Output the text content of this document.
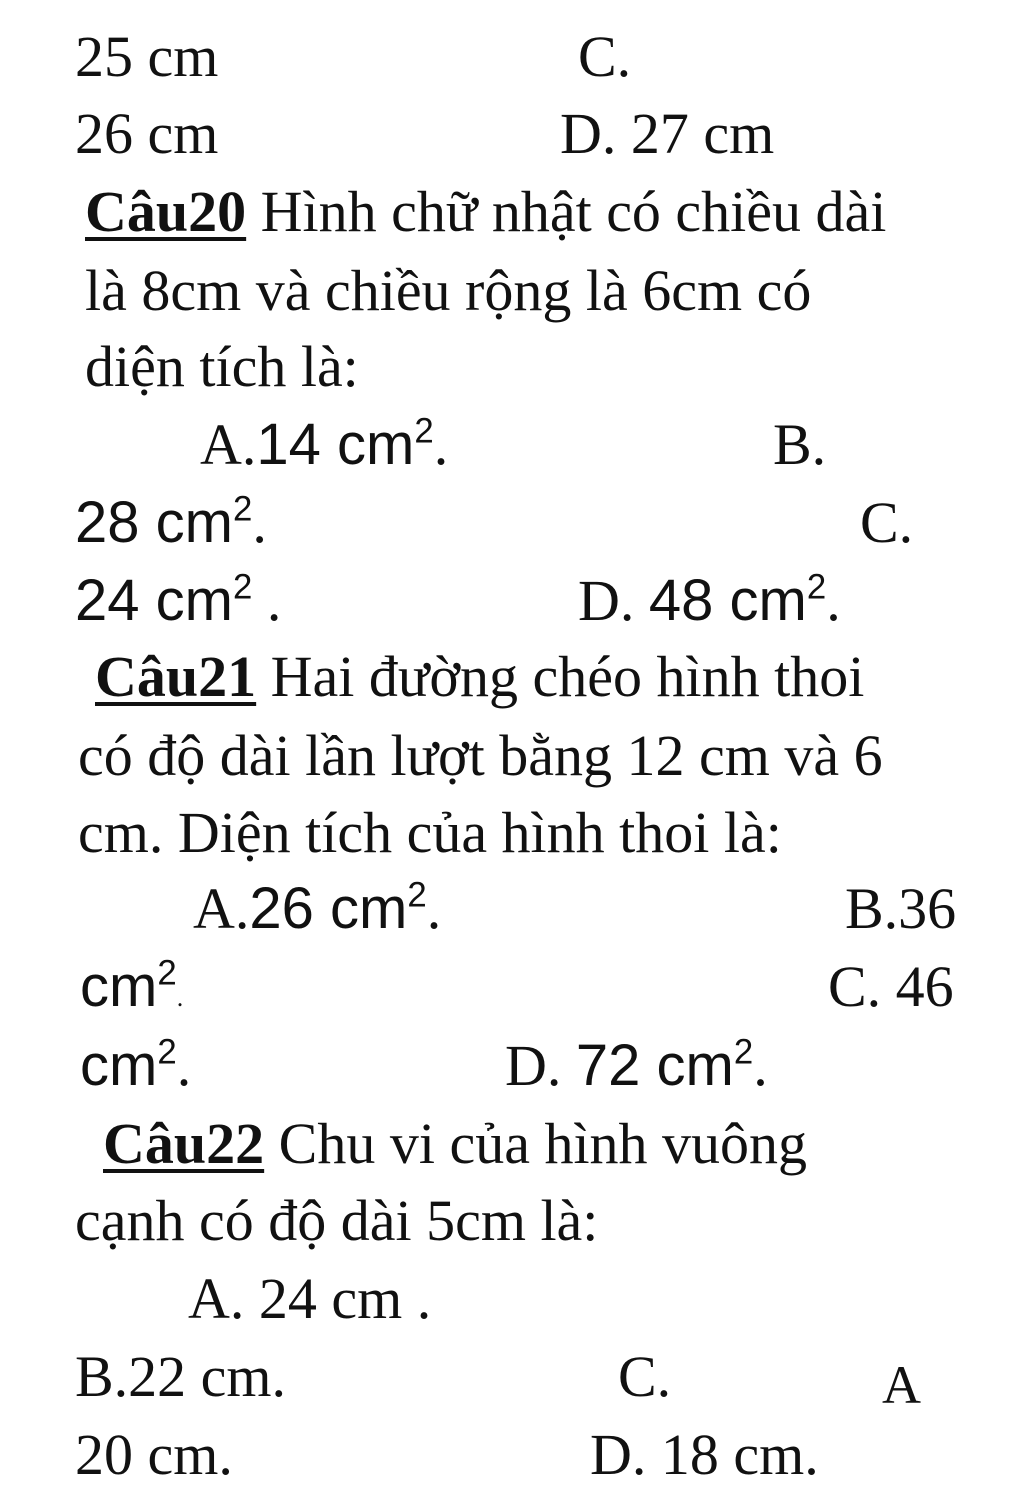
25 cm	C.
26 cm	D. 27 cm
Câu20 Hình chữ nhật có chiều dài
là 8cm và chiều rộng là 6cm có
diện tích là:
A.14 $cm^2$.	B.
28 $cm^2$.	C.
24 $cm^2$ .	D. 48 $cm^2$.
Câu21 Hai đường chéo hình thoi
có độ dài lần lượt bằng 12 cm và 6
cm. Diện tích của hình thoi là:
A.26 $cm^2$.	B.36
$cm^2$.	C. 46
$cm^2$.	D. 72 $cm^2$.
Câu22 Chu vi của hình vuông
cạnh có độ dài 5cm là:
A. 24 cm .
B.22 cm.	C.	A
20 cm.	D. 18 cm.
